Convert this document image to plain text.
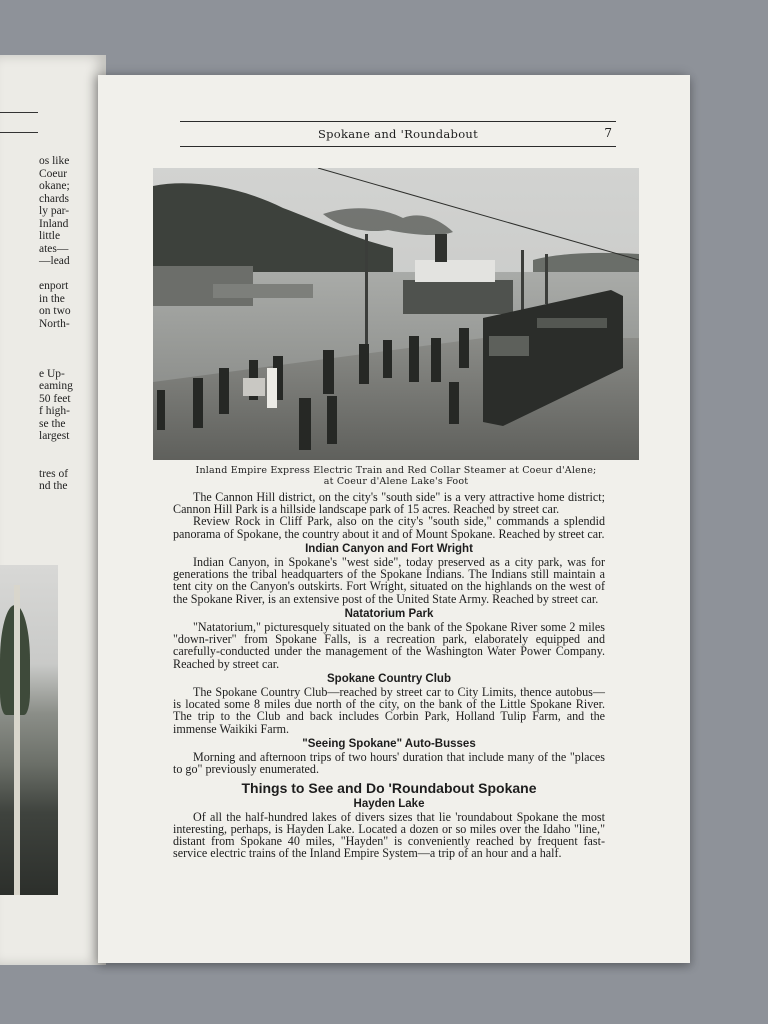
os like
Coeur
okane;
chards
ly par-
Inland
little
ates—
—lead
enport
in the
on two
North-
e Up-
eaming
50 feet
f high-
se the
largest
tres of
nd the
Spokane and 'Roundabout	7
Inland Empire Express Electric Train and Red Collar Steamer at Coeur d'Alene;
at Coeur d'Alene Lake's Foot

The Cannon Hill district, on the city's "south side" is a very attractive home district; Cannon Hill Park is a hillside landscape park of 15 acres. Reached by street car.

Review Rock in Cliff Park, also on the city's "south side," commands a splendid panorama of Spokane, the country about it and of Mount Spokane. Reached by street car.

Indian Canyon and Fort Wright

Indian Canyon, in Spokane's "west side", today preserved as a city park, was for generations the tribal headquarters of the Spokane Indians. The Indians still maintain a tent city on the Canyon's outskirts. Fort Wright, situated on the highlands on the west of the Spokane River, is an extensive post of the United State Army. Reached by street car.

Natatorium Park

"Natatorium," picturesquely situated on the bank of the Spokane River some 2 miles "down-river" from Spokane Falls, is a recreation park, elaborately equipped and carefully-conducted under the management of the Washington Water Power Company. Reached by street car.

Spokane Country Club

The Spokane Country Club—reached by street car to City Limits, thence autobus—is located some 8 miles due north of the city, on the bank of the Little Spokane River. The trip to the Club and back includes Corbin Park, Holland Tulip Farm, and the immense Waikiki Farm.

"Seeing Spokane" Auto-Busses

Morning and afternoon trips of two hours' duration that include many of the "places to go" previously enumerated.

Things to See and Do 'Roundabout Spokane
Hayden Lake

Of all the half-hundred lakes of divers sizes that lie 'roundabout Spokane the most interesting, perhaps, is Hayden Lake. Located a dozen or so miles over the Idaho "line," distant from Spokane 40 miles, "Hayden" is conveniently reached by frequent fast-service electric trains of the Inland Empire System—a trip of an hour and a half.
